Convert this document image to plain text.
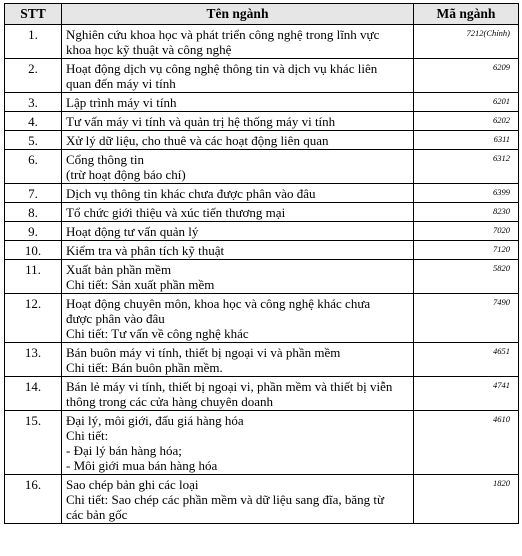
STT	Tên ngành	Mã ngành
1.	Nghiên cứu khoa học và phát triển công nghệ trong lĩnh vực
khoa học kỹ thuật và công nghệ	7212(Chính)
2.	Hoạt động dịch vụ công nghệ thông tin và dịch vụ khác liên
quan đến máy vi tính	6209
3.	Lập trình máy vi tính	6201
4.	Tư vấn máy vi tính và quản trị hệ thống máy vi tính	6202
5.	Xử lý dữ liệu, cho thuê và các hoạt động liên quan	6311
6.	Cổng thông tin
(trừ hoạt động báo chí)	6312
7.	Dịch vụ thông tin khác chưa được phân vào đâu	6399
8.	Tổ chức giới thiệu và xúc tiến thương mại	8230
9.	Hoạt động tư vấn quản lý	7020
10.	Kiểm tra và phân tích kỹ thuật	7120
11.	Xuất bản phần mềm
Chi tiết: Sản xuất phần mềm	5820
12.	Hoạt động chuyên môn, khoa học và công nghệ khác chưa
được phân vào đâu
Chi tiết: Tư vấn về công nghệ khác	7490
13.	Bán buôn máy vi tính, thiết bị ngoại vi và phần mềm
Chi tiết: Bán buôn phần mềm.	4651
14.	Bán lẻ máy vi tính, thiết bị ngoại vi, phần mềm và thiết bị viễn
thông trong các cửa hàng chuyên doanh	4741
15.	Đại lý, môi giới, đấu giá hàng hóa
Chi tiết:
- Đại lý bán hàng hóa;
- Môi giới mua bán hàng hóa	4610
16.	Sao chép bản ghi các loại
Chi tiết: Sao chép các phần mềm và dữ liệu sang đĩa, băng từ
các bản gốc	1820
